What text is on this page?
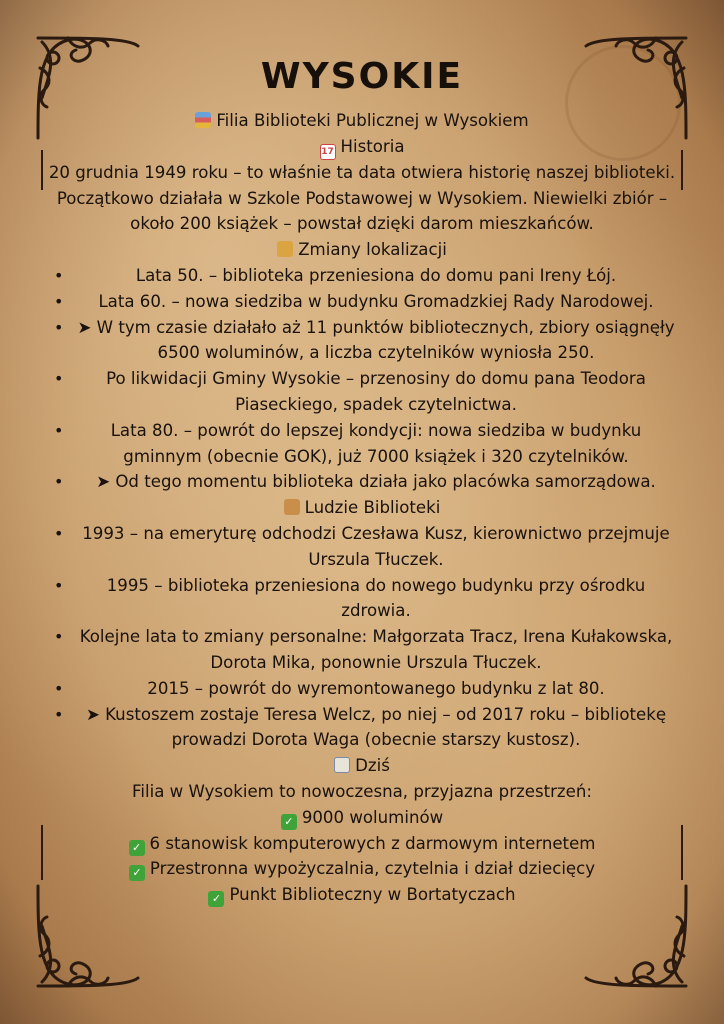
WYSOKIE
Filia Biblioteki Publicznej w Wysokiem
17 Historia
20 grudnia 1949 roku – to właśnie ta data otwiera historię naszej biblioteki. Początkowo działała w Szkole Podstawowej w Wysokiem. Niewielki zbiór – około 200 książek – powstał dzięki darom mieszkańców.
Zmiany lokalizacji
•	Lata 50. – biblioteka przeniesiona do domu pani Ireny Łój.
• Lata 60. – nowa siedziba w budynku Gromadzkiej Rady Narodowej.
• ➤ W tym czasie działało aż 11 punktów bibliotecznych, zbiory osiągnęły 6500 woluminów, a liczba czytelników wyniosła 250.
•	Po likwidacji Gminy Wysokie – przenosiny do domu pana Teodora Piaseckiego, spadek czytelnictwa.
•	Lata 80. – powrót do lepszej kondycji: nowa siedziba w budynku gminnym (obecnie GOK), już 7000 książek i 320 czytelników.
• ➤ Od tego momentu biblioteka działa jako placówka samorządowa.
Ludzie Biblioteki
• 1993 – na emeryturę odchodzi Czesława Kusz, kierownictwo przejmuje Urszula Tłuczek.
•	1995 – biblioteka przeniesiona do nowego budynku przy ośrodku zdrowia.
• Kolejne lata to zmiany personalne: Małgorzata Tracz, Irena Kułakowska, Dorota Mika, ponownie Urszula Tłuczek.
•	2015 – powrót do wyremontowanego budynku z lat 80.
• ➤ Kustoszem zostaje Teresa Welcz, po niej – od 2017 roku – bibliotekę prowadzi Dorota Waga (obecnie starszy kustosz).
Dziś
Filia w Wysokiem to nowoczesna, przyjazna przestrzeń:
✓ 9000 woluminów
✓ 6 stanowisk komputerowych z darmowym internetem
✓ Przestronna wypożyczalnia, czytelnia i dział dziecięcy
✓ Punkt Biblioteczny w Bortatyczach
